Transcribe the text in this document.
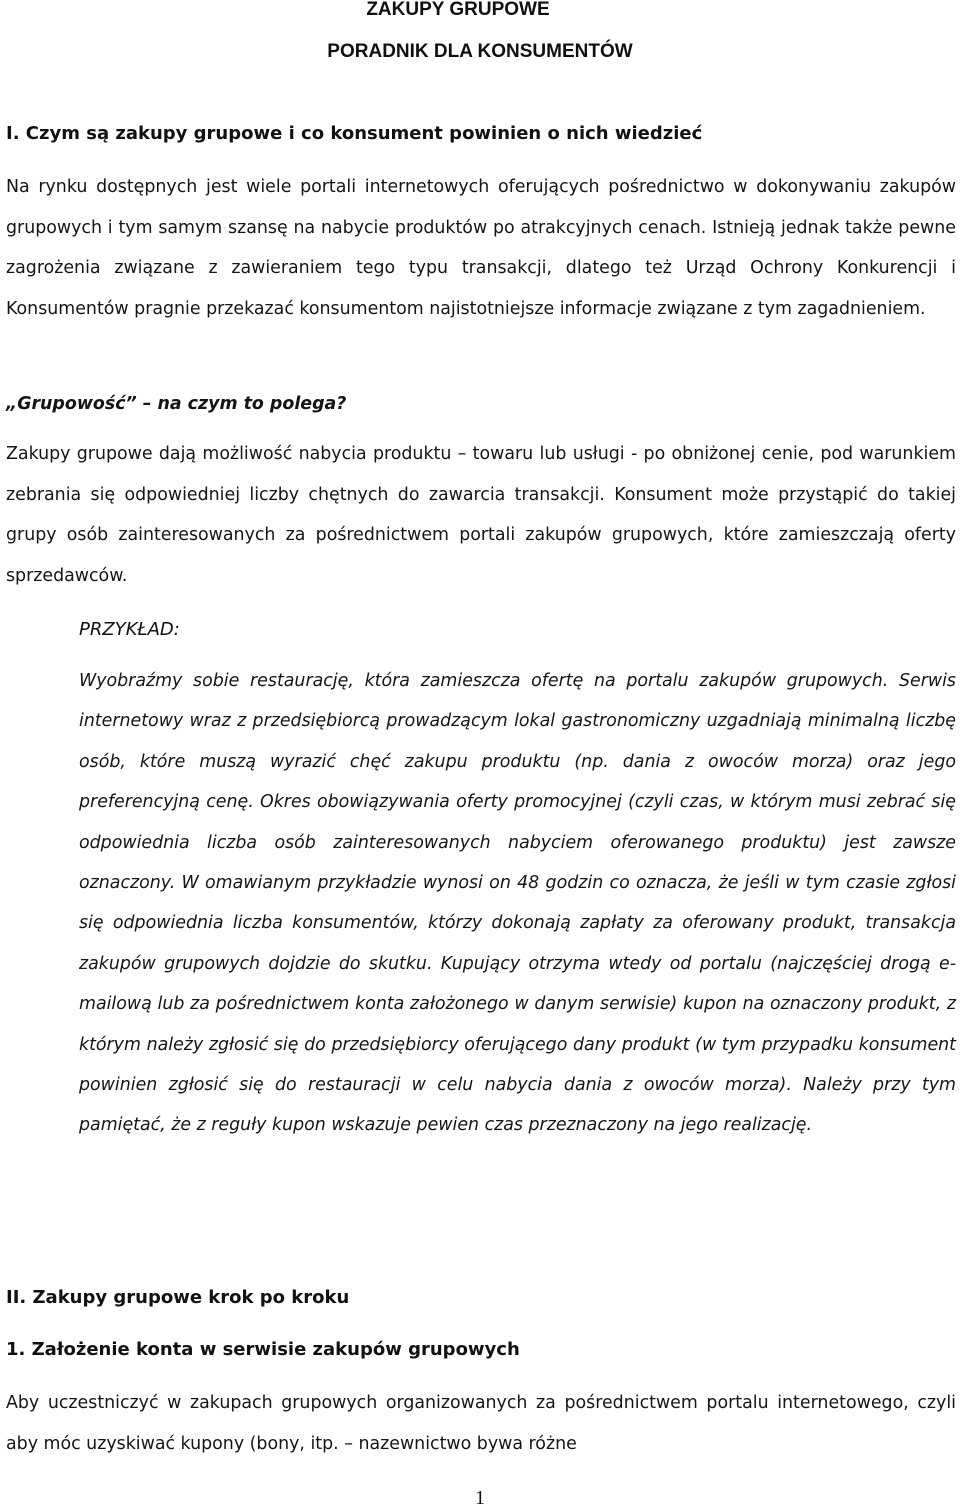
ZAKUPY GRUPOWE
PORADNIK DLA KONSUMENTÓW
I. Czym są zakupy grupowe i co konsument powinien o nich wiedzieć
Na rynku dostępnych jest wiele portali internetowych oferujących pośrednictwo w dokonywaniu zakupów grupowych i tym samym szansę na nabycie produktów po atrakcyjnych cenach. Istnieją jednak także pewne zagrożenia związane z zawieraniem tego typu transakcji, dlatego też Urząd Ochrony Konkurencji i Konsumentów pragnie przekazać konsumentom najistotniejsze informacje związane z tym zagadnieniem.
„Grupowość” – na czym to polega?
Zakupy grupowe dają możliwość nabycia produktu – towaru lub usługi - po obniżonej cenie, pod warunkiem zebrania się odpowiedniej liczby chętnych do zawarcia transakcji. Konsument może przystąpić do takiej grupy osób zainteresowanych za pośrednictwem portali zakupów grupowych, które zamieszczają oferty sprzedawców.
PRZYKŁAD:
Wyobraźmy sobie restaurację, która zamieszcza ofertę na portalu zakupów grupowych. Serwis internetowy wraz z przedsiębiorcą prowadzącym lokal gastronomiczny uzgadniają minimalną liczbę osób, które muszą wyrazić chęć zakupu produktu (np. dania z owoców morza) oraz jego preferencyjną cenę. Okres obowiązywania oferty promocyjnej (czyli czas, w którym musi zebrać się odpowiednia liczba osób zainteresowanych nabyciem oferowanego produktu) jest zawsze oznaczony. W omawianym przykładzie wynosi on 48 godzin co oznacza, że jeśli w tym czasie zgłosi się odpowiednia liczba konsumentów, którzy dokonają zapłaty za oferowany produkt, transakcja zakupów grupowych dojdzie do skutku. Kupujący otrzyma wtedy od portalu (najczęściej drogą e-mailową lub za pośrednictwem konta założonego w danym serwisie) kupon na oznaczony produkt, z którym należy zgłosić się do przedsiębiorcy oferującego dany produkt (w tym przypadku konsument powinien zgłosić się do restauracji w celu nabycia dania z owoców morza). Należy przy tym pamiętać, że z reguły kupon wskazuje pewien czas przeznaczony na jego realizację.
II. Zakupy grupowe krok po kroku
1. Założenie konta w serwisie zakupów grupowych
Aby uczestniczyć w zakupach grupowych organizowanych za pośrednictwem portalu internetowego, czyli aby móc uzyskiwać kupony (bony, itp. – nazewnictwo bywa różne
1
